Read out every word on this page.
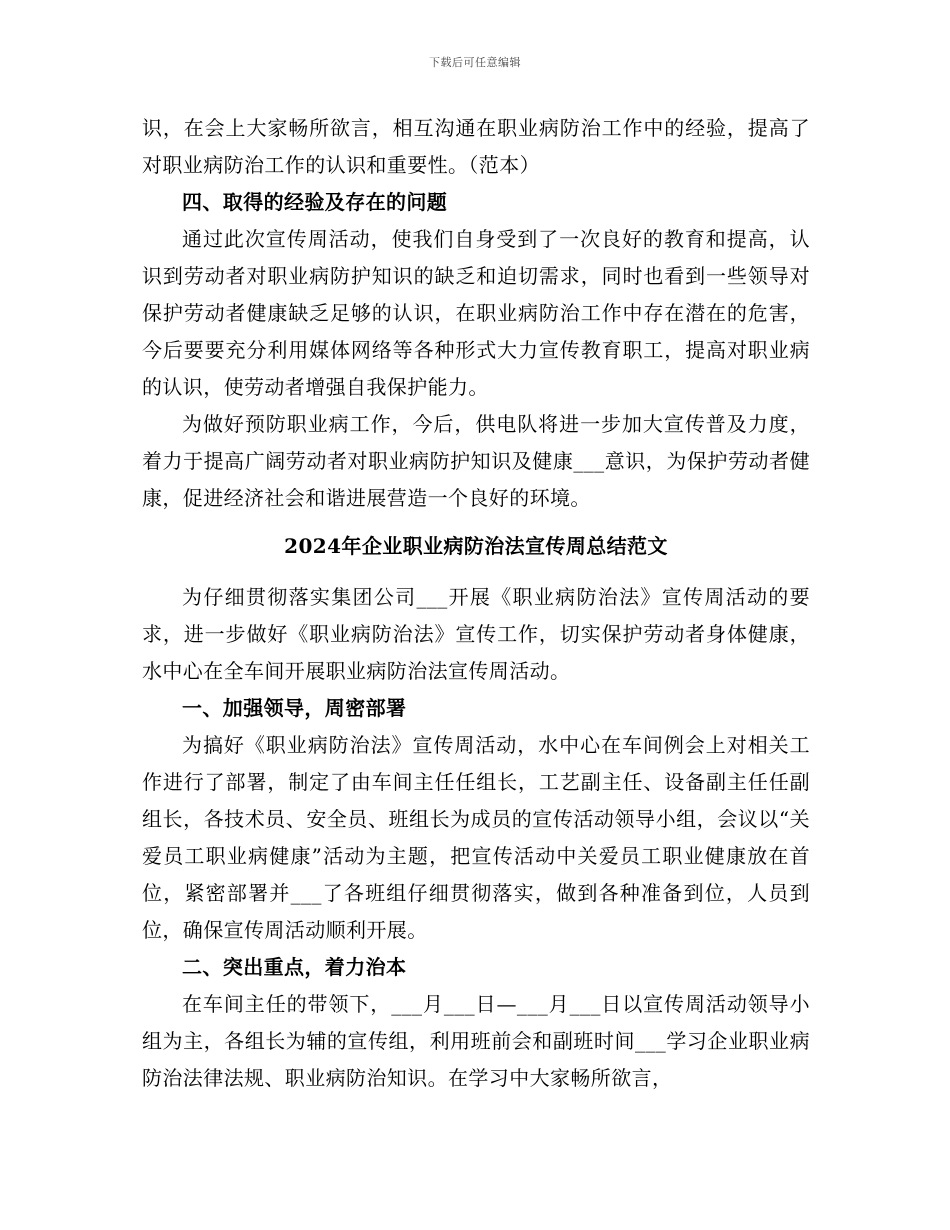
下载后可任意编辑

识，在会上大家畅所欲言，相互沟通在职业病防治工作中的经验，提高了对职业病防治工作的认识和重要性。（范本）

四、取得的经验及存在的问题

通过此次宣传周活动，使我们自身受到了一次良好的教育和提高，认识到劳动者对职业病防护知识的缺乏和迫切需求，同时也看到一些领导对保护劳动者健康缺乏足够的认识，在职业病防治工作中存在潜在的危害，今后要要充分利用媒体网络等各种形式大力宣传教育职工，提高对职业病的认识，使劳动者增强自我保护能力。

为做好预防职业病工作，今后，供电队将进一步加大宣传普及力度，着力于提高广阔劳动者对职业病防护知识及健康___意识，为保护劳动者健康，促进经济社会和谐进展营造一个良好的环境。

2024年企业职业病防治法宣传周总结范文

为仔细贯彻落实集团公司___开展《职业病防治法》宣传周活动的要求，进一步做好《职业病防治法》宣传工作，切实保护劳动者身体健康，水中心在全车间开展职业病防治法宣传周活动。

一、加强领导，周密部署

为搞好《职业病防治法》宣传周活动，水中心在车间例会上对相关工作进行了部署，制定了由车间主任任组长，工艺副主任、设备副主任任副组长，各技术员、安全员、班组长为成员的宣传活动领导小组，会议以“关爱员工职业病健康”活动为主题，把宣传活动中关爱员工职业健康放在首位，紧密部署并___了各班组仔细贯彻落实，做到各种准备到位，人员到位，确保宣传周活动顺利开展。

二、突出重点，着力治本

在车间主任的带领下，___月___日—___月___日以宣传周活动领导小组为主，各组长为辅的宣传组，利用班前会和副班时间___学习企业职业病防治法律法规、职业病防治知识。在学习中大家畅所欲言，
